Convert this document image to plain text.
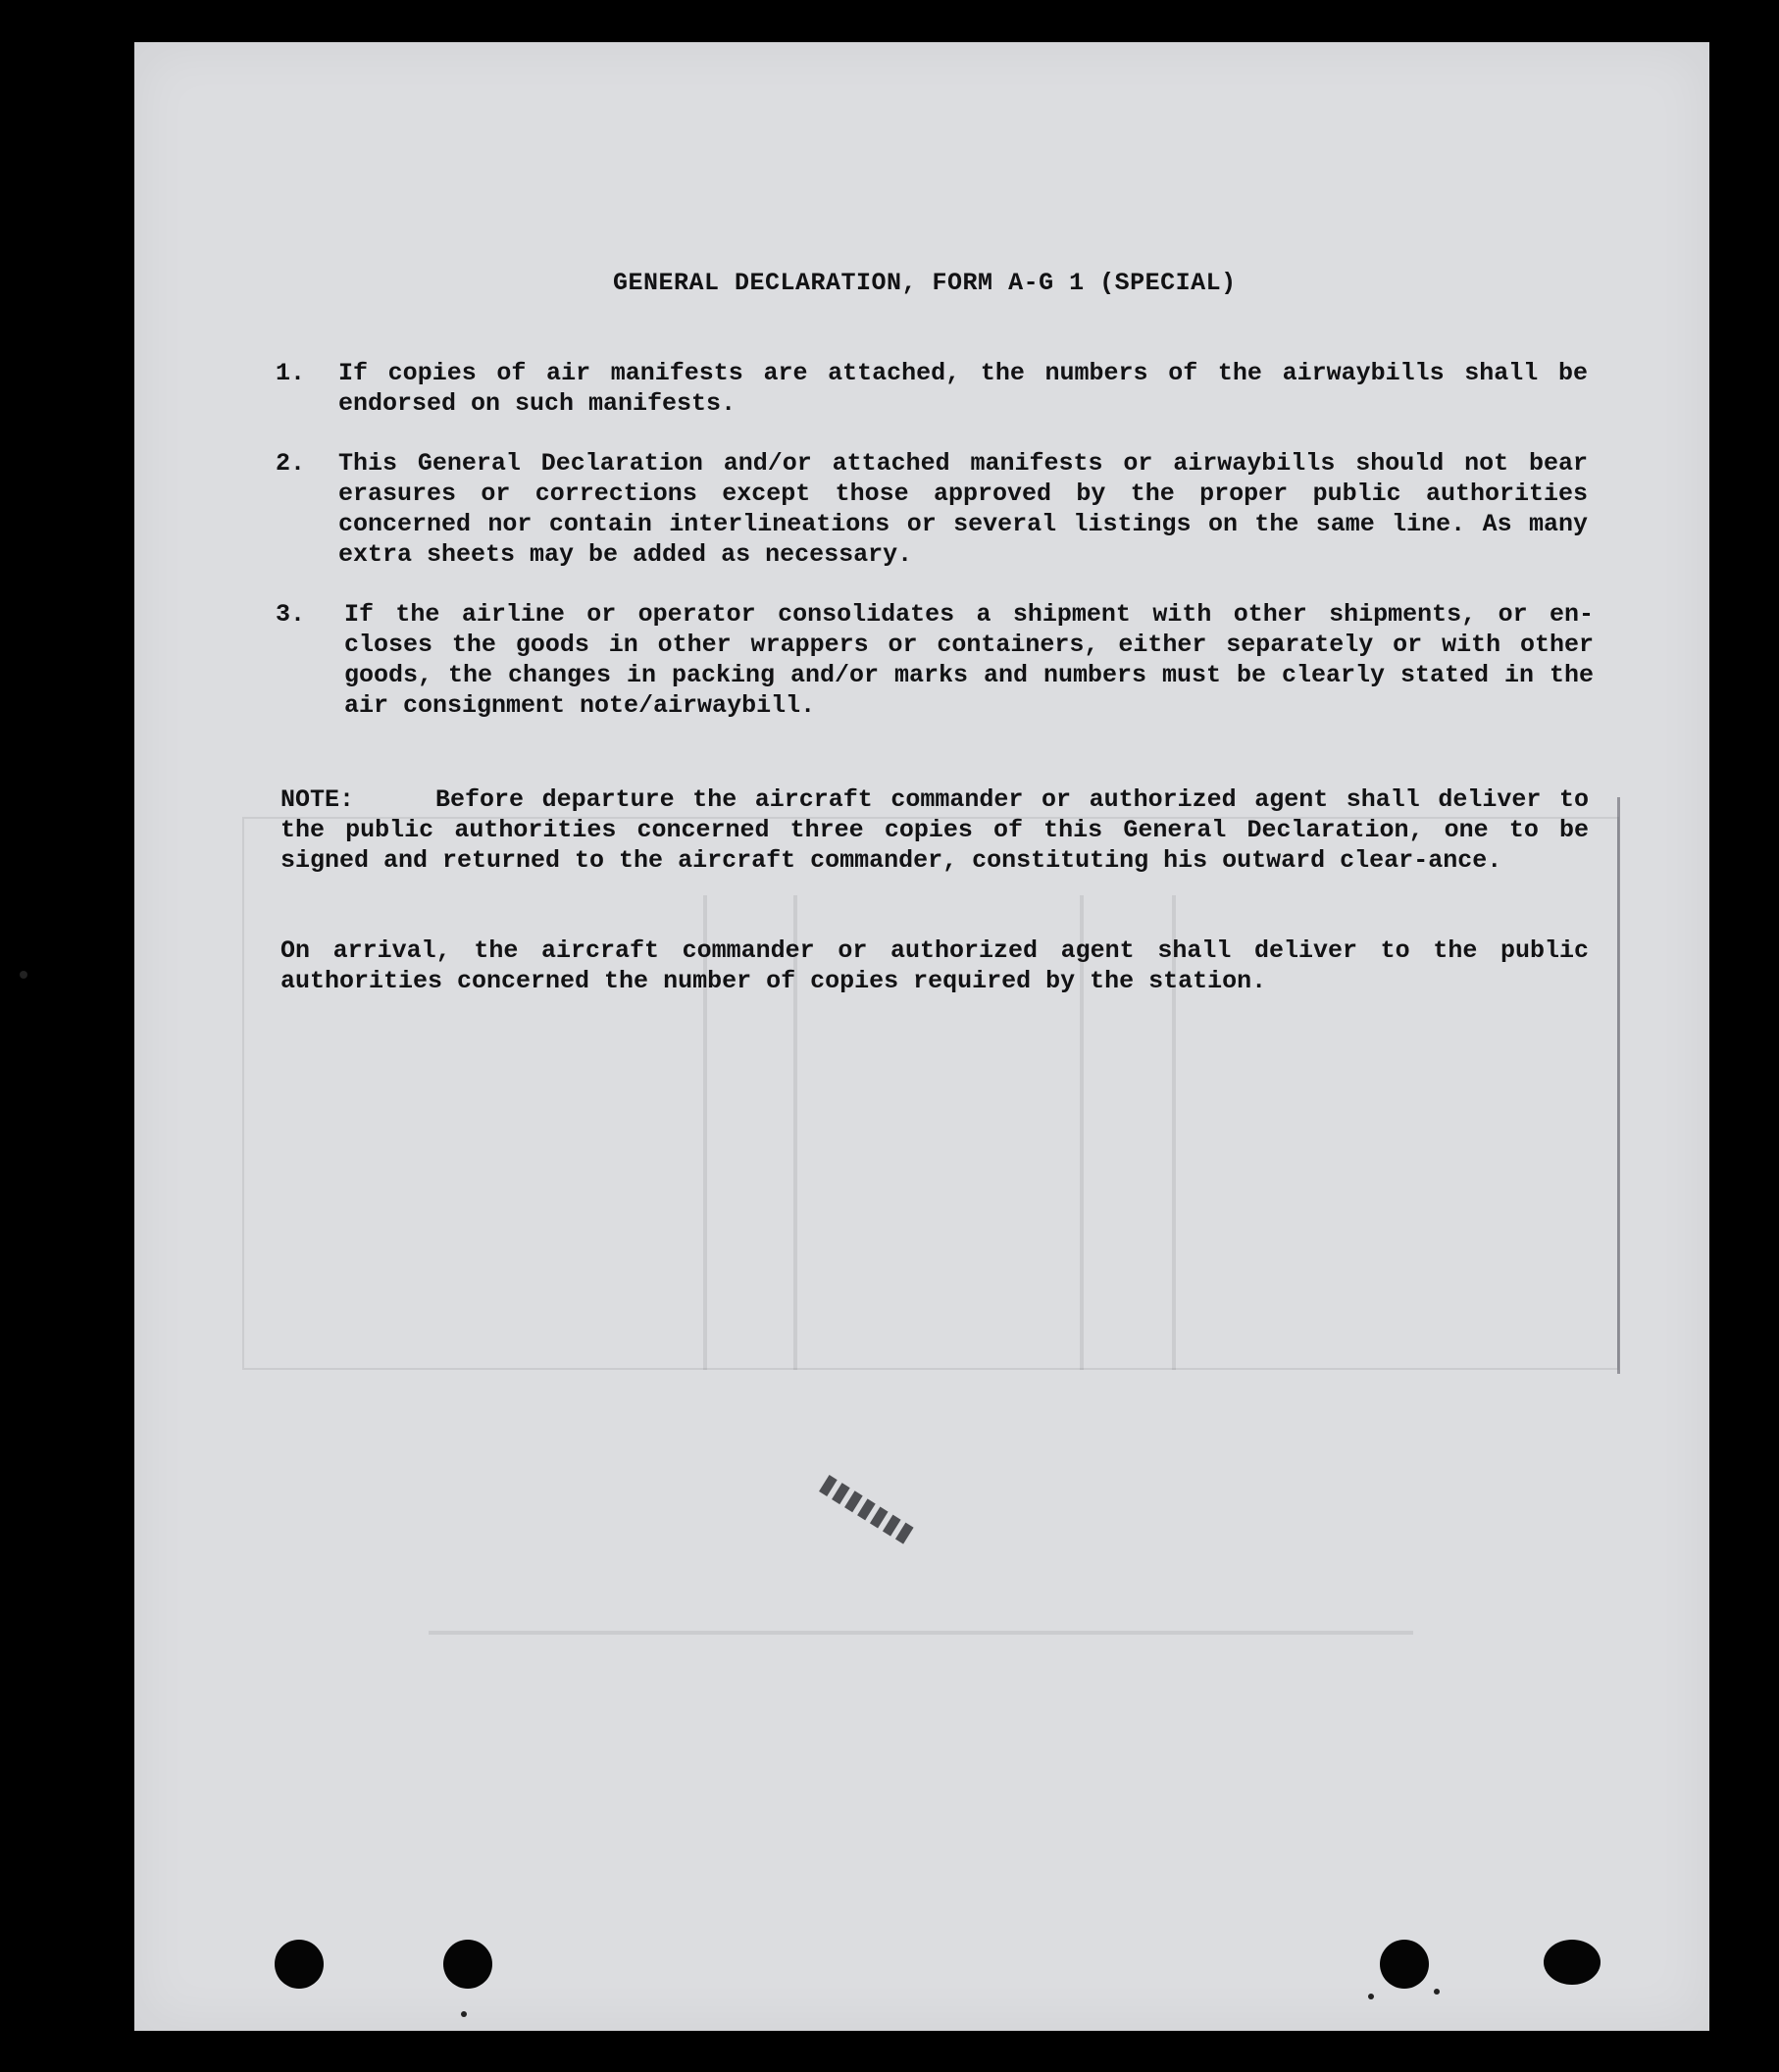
GENERAL DECLARATION, FORM A-G 1 (SPECIAL)
1. If copies of air manifests are attached, the numbers of the airwaybills shall be endorsed on such manifests.
2. This General Declaration and/or attached manifests or airwaybills should not bear erasures or corrections except those approved by the proper public authorities concerned nor contain interlineations or several listings on the same line. As many extra sheets may be added as necessary.
3. If the airline or operator consolidates a shipment with other shipments, or en-closes the goods in other wrappers or containers, either separately or with other goods, the changes in packing and/or marks and numbers must be clearly stated in the air consignment note/airwaybill.
NOTE:	Before departure the aircraft commander or authorized agent shall deliver to the public authorities concerned three copies of this General Declaration, one to be signed and returned to the aircraft commander, constituting his outward clear-ance.
On arrival, the aircraft commander or authorized agent shall deliver to the public authorities concerned the number of copies required by the station.
▮▮▮▮▮▮▮
